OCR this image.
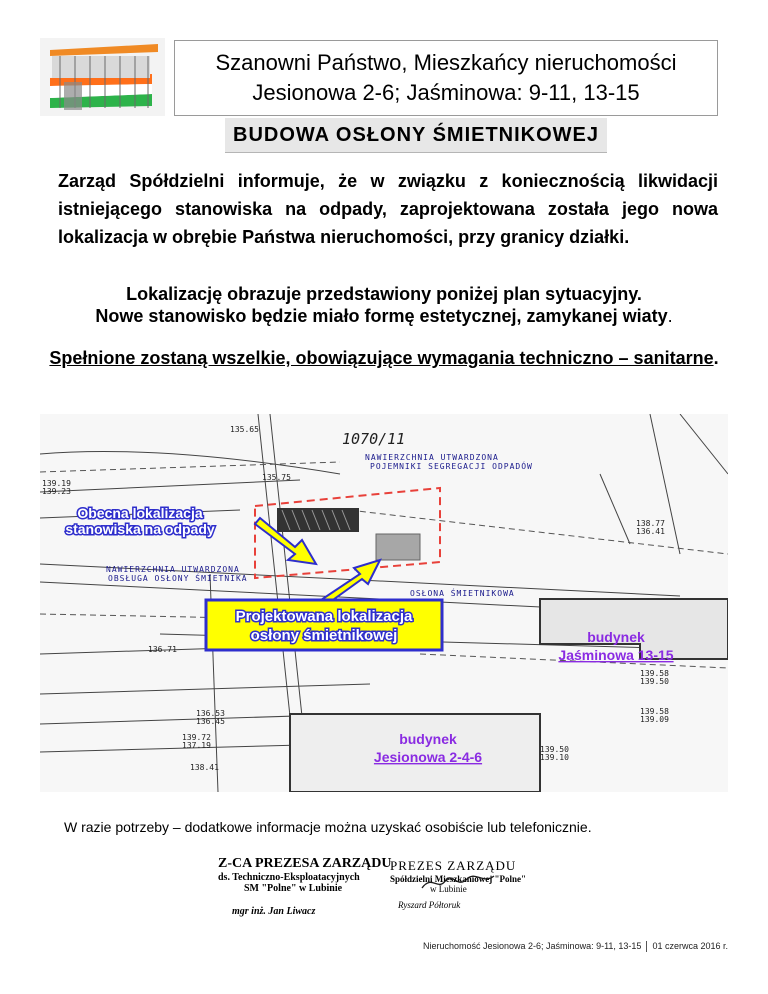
Szanowni Państwo, Mieszkańcy nieruchomości
Jesionowa 2-6; Jaśminowa: 9-11, 13-15
BUDOWA OSŁONY ŚMIETNIKOWEJ
Zarząd Spółdzielni informuje, że w związku z koniecznością likwidacji istniejącego stanowiska na odpady, zaprojektowana została jego nowa lokalizacja w obrębie Państwa nieruchomości, przy granicy działki.
Lokalizację obrazuje przedstawiony poniżej plan sytuacyjny.
Nowe stanowisko będzie miało formę estetycznej, zamykanej wiaty.
Spełnione zostaną wszelkie, obowiązujące wymagania techniczno – sanitarne.
1070/11
NAWIERZCHNIA UTWARDZONA
POJEMNIKI SEGREGACJI ODPADÓW
NAWIERZCHNIA UTWARDZONA
OBSŁUGA OSŁONY ŚMIETNIKA
OSŁONA ŚMIETNIKOWA
135.65
139.19
139.23
136.71
139.58
139.50
139.58
139.09
136.53
136.45
139.72
137.19
138.41
139.50
139.10
135.75
138.77
136.41
Obecna lokalizacja
stanowiska na odpady
Projektowana lokalizacja
osłony śmietnikowej	budynek
Jaśminowa 13-15
budynek
Jesionowa 2-4-6
W razie potrzeby – dodatkowe informacje można uzyskać osobiście lub telefonicznie.
Z-CA PREZESA ZARZĄDU
ds. Techniczno-Eksploatacyjnych
SM "Polne" w Lubinie
mgr inż. Jan Liwacz
PREZES ZARZĄDU
Spółdzielni Mieszkaniowej "Polne"
w Lubinie
Ryszard Półtoruk
Nieruchomość Jesionowa 2-6; Jaśminowa: 9-11, 13-15 01 czerwca 2016 r.
